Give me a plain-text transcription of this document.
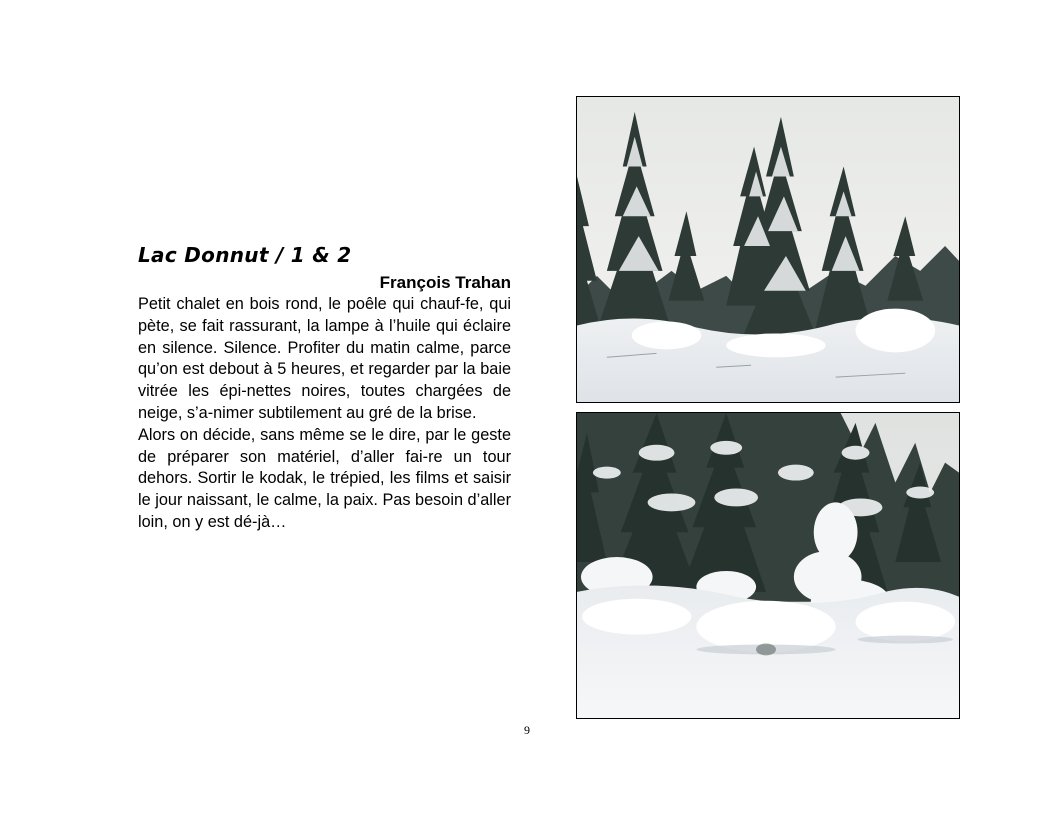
Lac Donnut / 1 & 2
François Trahan

Petit chalet en bois rond, le poêle qui chauf-fe, qui pète, se fait rassurant, la lampe à l’huile qui éclaire en silence. Silence. Profiter du matin calme, parce qu’on est debout à 5 heures, et regarder par la baie vitrée les épi-nettes noires, toutes chargées de neige, s’a-nimer subtilement au gré de la brise.

Alors on décide, sans même se le dire, par le geste de préparer son matériel, d’aller fai-re un tour dehors. Sortir le kodak, le trépied, les films et saisir le jour naissant, le calme, la paix. Pas besoin d’aller loin, on y est dé-jà…

9
